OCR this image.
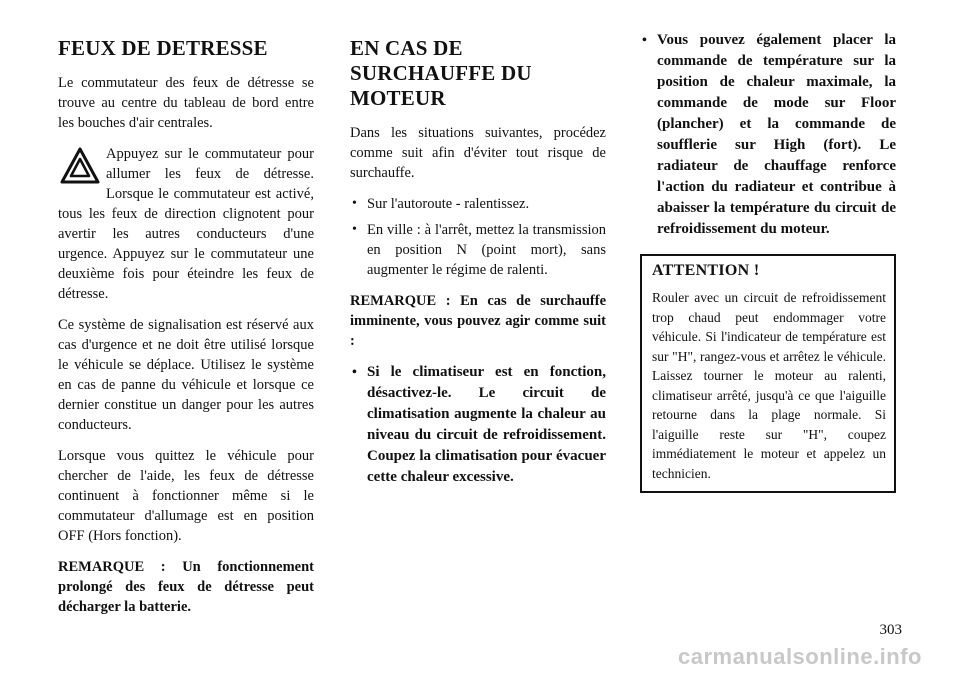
FEUX DE DETRESSE

Le commutateur des feux de détresse se trouve au centre du tableau de bord entre les bouches d'air centrales.

Appuyez sur le commutateur pour allumer les feux de détresse. Lorsque le commutateur est activé, tous les feux de direction clignotent pour avertir les autres conducteurs d'une urgence. Appuyez sur le commutateur une deuxième fois pour éteindre les feux de détresse.

Ce système de signalisation est réservé aux cas d'urgence et ne doit être utilisé lorsque le véhicule se déplace. Utilisez le système en cas de panne du véhicule et lorsque ce dernier constitue un danger pour les autres conducteurs.

Lorsque vous quittez le véhicule pour chercher de l'aide, les feux de détresse continuent à fonctionner même si le commutateur d'allumage est en position OFF (Hors fonction).

REMARQUE : Un fonctionnement prolongé des feux de détresse peut décharger la batterie.

EN CAS DE SURCHAUFFE DU MOTEUR

Dans les situations suivantes, procédez comme suit afin d'éviter tout risque de surchauffe.

• Sur l'autoroute - ralentissez.
• En ville : à l'arrêt, mettez la transmission en position N (point mort), sans augmenter le régime de ralenti.

REMARQUE : En cas de surchauffe imminente, vous pouvez agir comme suit :

• Si le climatiseur est en fonction, désactivez-le. Le circuit de climatisation augmente la chaleur au niveau du circuit de refroidissement. Coupez la climatisation pour évacuer cette chaleur excessive.
• Vous pouvez également placer la commande de température sur la position de chaleur maximale, la commande de mode sur Floor (plancher) et la commande de soufflerie sur High (fort). Le radiateur de chauffage renforce l'action du radiateur et contribue à abaisser la température du circuit de refroidissement du moteur.
ATTENTION !

Rouler avec un circuit de refroidissement trop chaud peut endommager votre véhicule. Si l'indicateur de température est sur "H", rangez-vous et arrêtez le véhicule. Laissez tourner le moteur au ralenti, climatiseur arrêté, jusqu'à ce que l'aiguille retourne dans la plage normale. Si l'aiguille reste sur "H", coupez immédiatement le moteur et appelez un technicien.

303
carmanualsonline.info
